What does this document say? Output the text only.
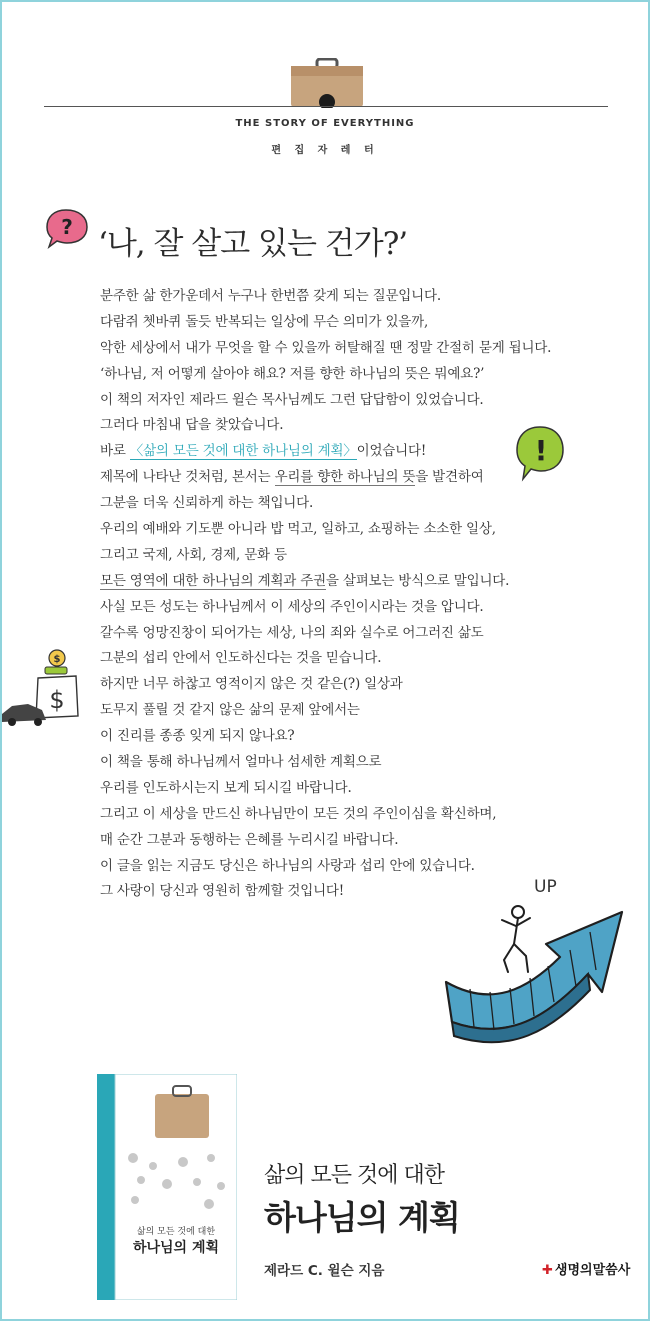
THE STORY OF EVERYTHING
편 집 자 레 터
? ‘나, 잘 살고 있는 건가?’
분주한 삶 한가운데서 누구나 한번쯤 갖게 되는 질문입니다.
다람쥐 쳇바퀴 돌듯 반복되는 일상에 무슨 의미가 있을까,
악한 세상에서 내가 무엇을 할 수 있을까 허탈해질 땐 정말 간절히 묻게 됩니다.
‘하나님, 저 어떻게 살아야 해요? 저를 향한 하나님의 뜻은 뭐예요?’
이 책의 저자인 제라드 윌슨 목사님께도 그런 답답함이 있었습니다.
그러다 마침내 답을 찾았습니다.
바로 〈삶의 모든 것에 대한 하나님의 계획〉이었습니다!
제목에 나타난 것처럼, 본서는 우리를 향한 하나님의 뜻을 발견하여
그분을 더욱 신뢰하게 하는 책입니다.
우리의 예배와 기도뿐 아니라 밥 먹고, 일하고, 쇼핑하는 소소한 일상,
그리고 국제, 사회, 경제, 문화 등
모든 영역에 대한 하나님의 계획과 주권을 살펴보는 방식으로 말입니다.
사실 모든 성도는 하나님께서 이 세상의 주인이시라는 것을 압니다.
갈수록 엉망진창이 되어가는 세상, 나의 죄와 실수로 어그러진 삶도
그분의 섭리 안에서 인도하신다는 것을 믿습니다.
하지만 너무 하찮고 영적이지 않은 것 같은(?) 일상과
도무지 풀릴 것 같지 않은 삶의 문제 앞에서는
이 진리를 종종 잊게 되지 않나요?
이 책을 통해 하나님께서 얼마나 섬세한 계획으로
우리를 인도하시는지 보게 되시길 바랍니다.
그리고 이 세상을 만드신 하나님만이 모든 것의 주인이심을 확신하며,
매 순간 그분과 동행하는 은혜를 누리시길 바랍니다.
이 글을 읽는 지금도 당신은 하나님의 사랑과 섭리 안에 있습니다.
그 사랑이 당신과 영원히 함께할 것입니다!
!
$
$
UP
삶의 모든 것에 대한
하나님의 계획
삶의 모든 것에 대한
하나님의 계획
제라드 C. 윌슨 지음	✚ 생명의말씀사
